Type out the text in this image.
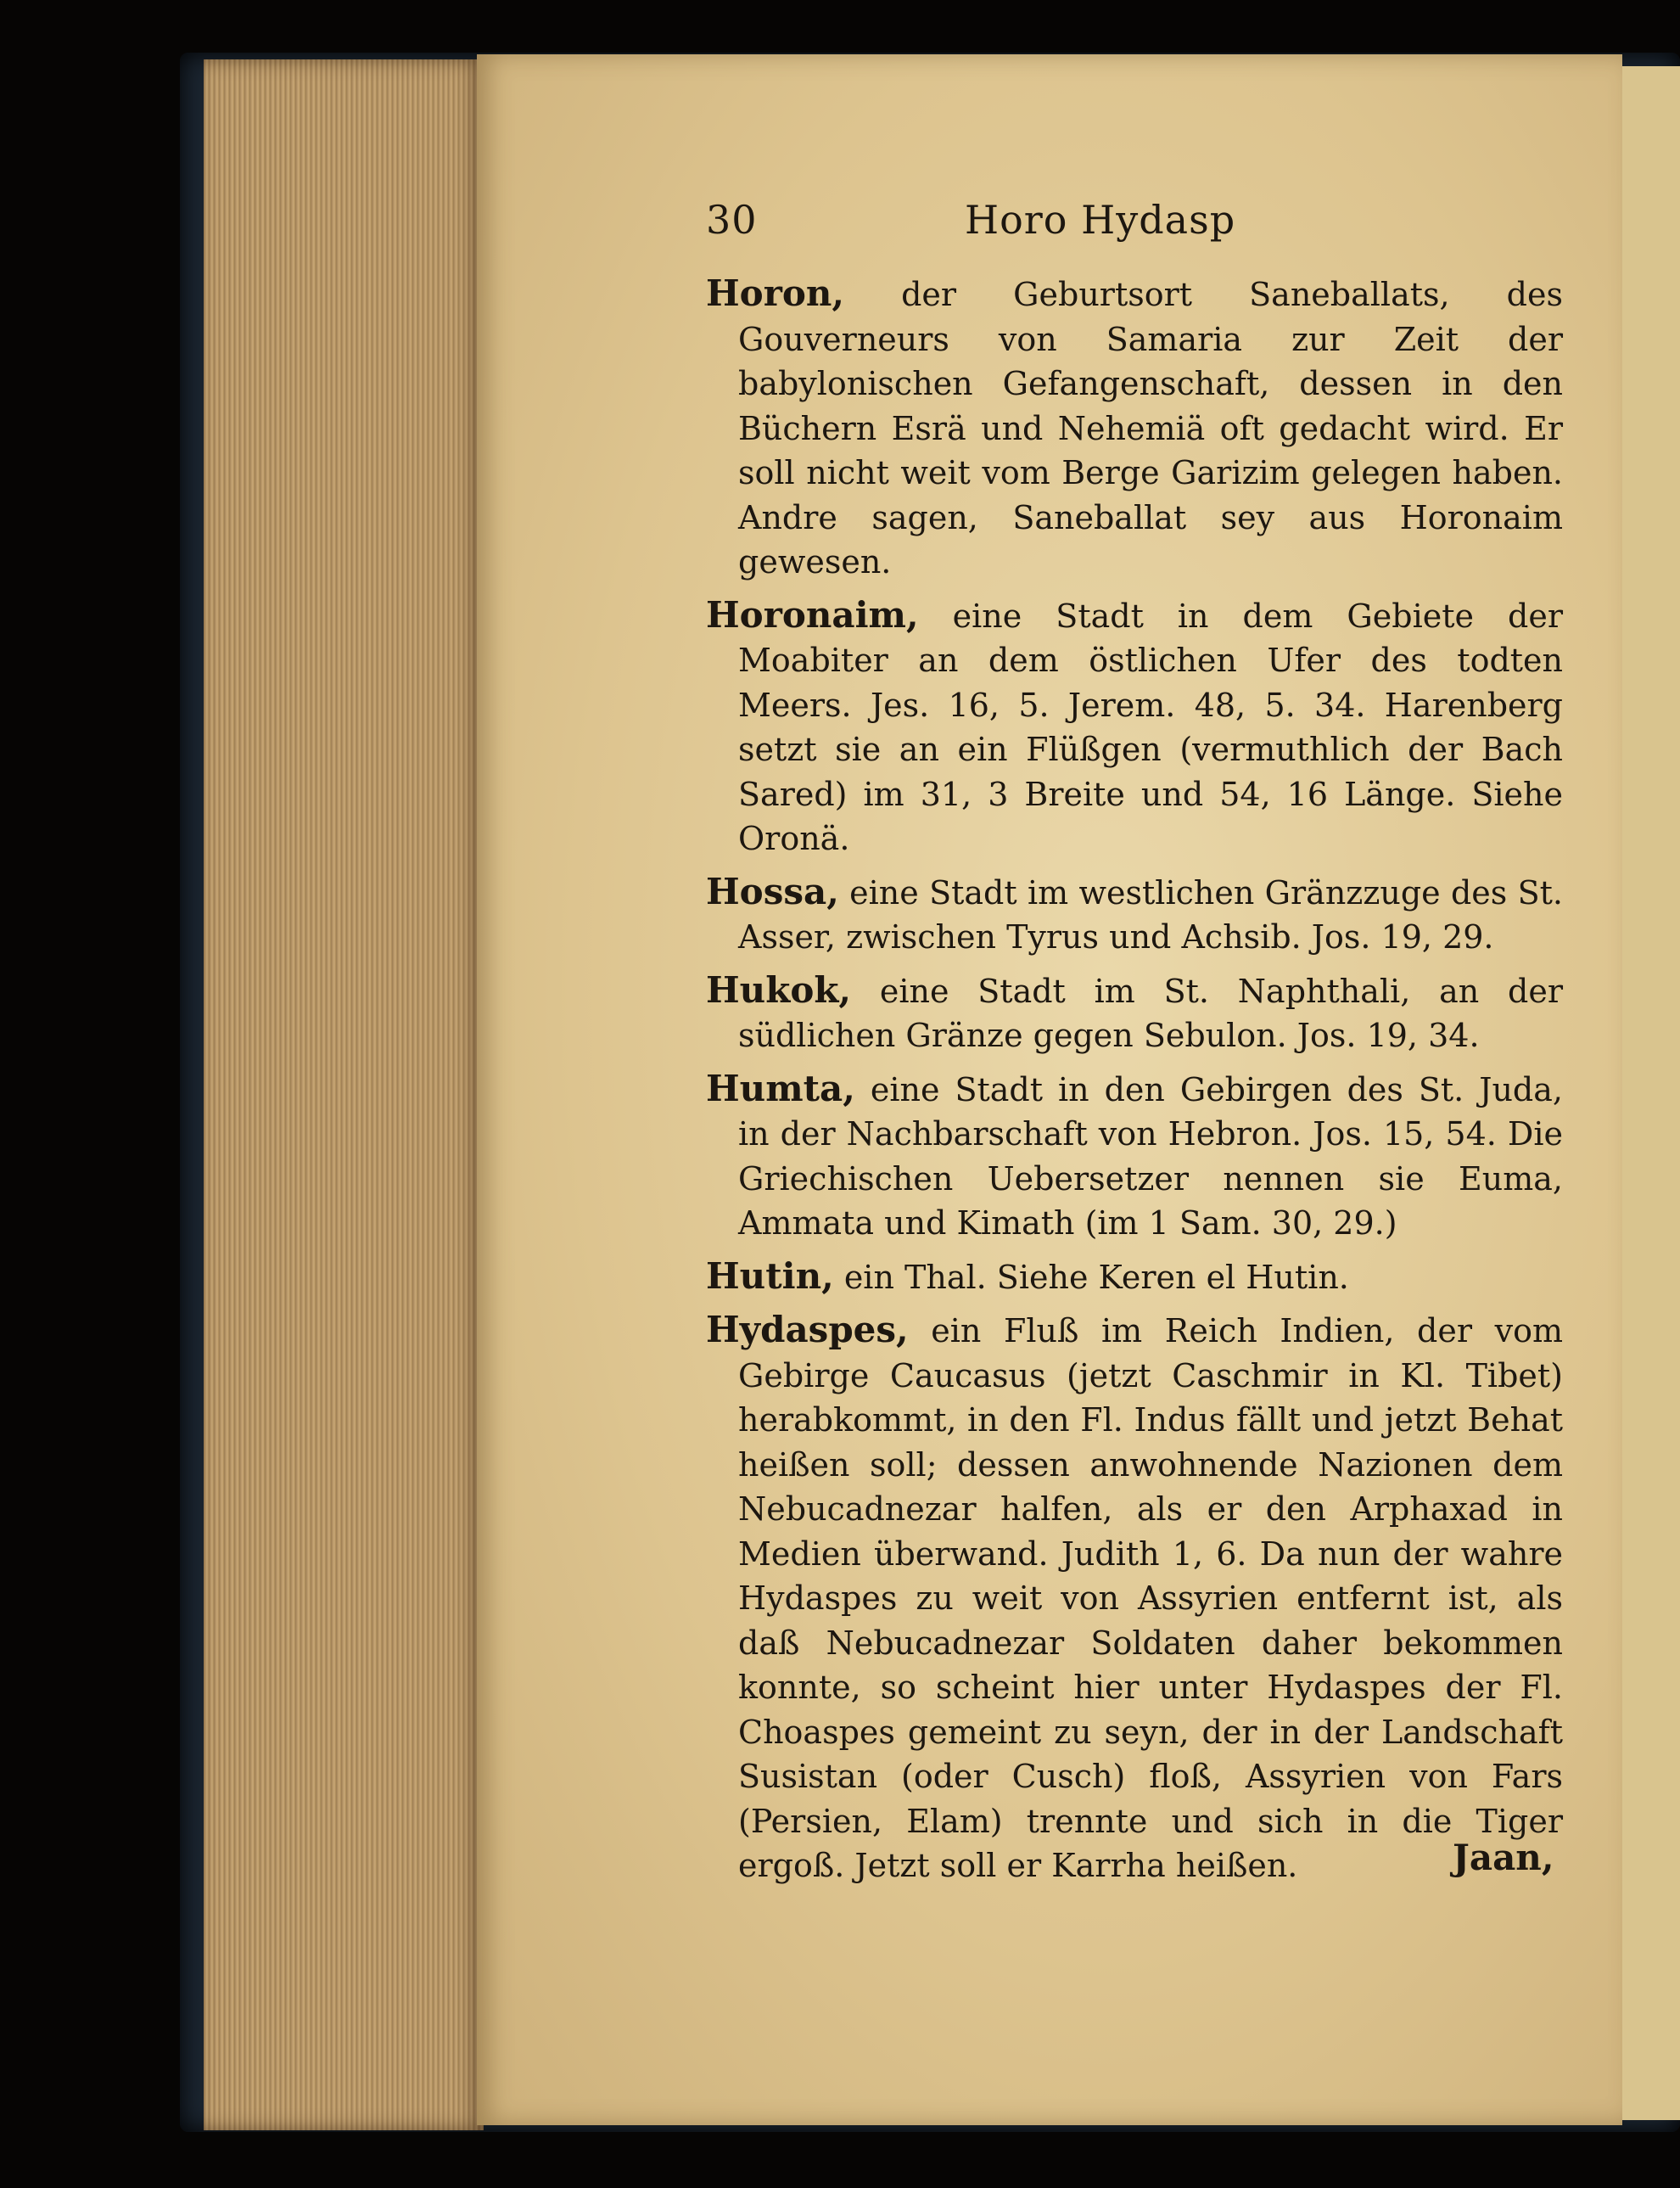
30	Horo Hydasp

Horon, der Geburtsort Saneballats, des Gouverneurs von Samaria zur Zeit der babylonischen Gefangenschaft, dessen in den Büchern Esrä und Nehemiä oft gedacht wird. Er soll nicht weit vom Berge Garizim gelegen haben. Andre sagen, Saneballat sey aus Horonaim gewesen.

Horonaim, eine Stadt in dem Gebiete der Moabiter an dem östlichen Ufer des todten Meers. Jes. 16, 5. Jerem. 48, 5. 34. Harenberg setzt sie an ein Flüßgen (vermuthlich der Bach Sared) im 31, 3 Breite und 54, 16 Länge. Siehe Oronä.

Hossa, eine Stadt im westlichen Gränzzuge des St. Asser, zwischen Tyrus und Achsib. Jos. 19, 29.

Hukok, eine Stadt im St. Naphthali, an der südlichen Gränze gegen Sebulon. Jos. 19, 34.

Humta, eine Stadt in den Gebirgen des St. Juda, in der Nachbarschaft von Hebron. Jos. 15, 54. Die Griechischen Uebersetzer nennen sie Euma, Ammata und Kimath (im 1 Sam. 30, 29.)

Hutin, ein Thal. Siehe Keren el Hutin.

Hydaspes, ein Fluß im Reich Indien, der vom Gebirge Caucasus (jetzt Caschmir in Kl. Tibet) herabkommt, in den Fl. Indus fällt und jetzt Behat heißen soll; dessen anwohnende Nazionen dem Nebucadnezar halfen, als er den Arphaxad in Medien überwand. Judith 1, 6. Da nun der wahre Hydaspes zu weit von Assyrien entfernt ist, als daß Nebucadnezar Soldaten daher bekommen konnte, so scheint hier unter Hydaspes der Fl. Choaspes gemeint zu seyn, der in der Landschaft Susistan (oder Cusch) floß, Assyrien von Fars (Persien, Elam) trennte und sich in die Tiger ergoß. Jetzt soll er Karrha heißen.	Jaan,
